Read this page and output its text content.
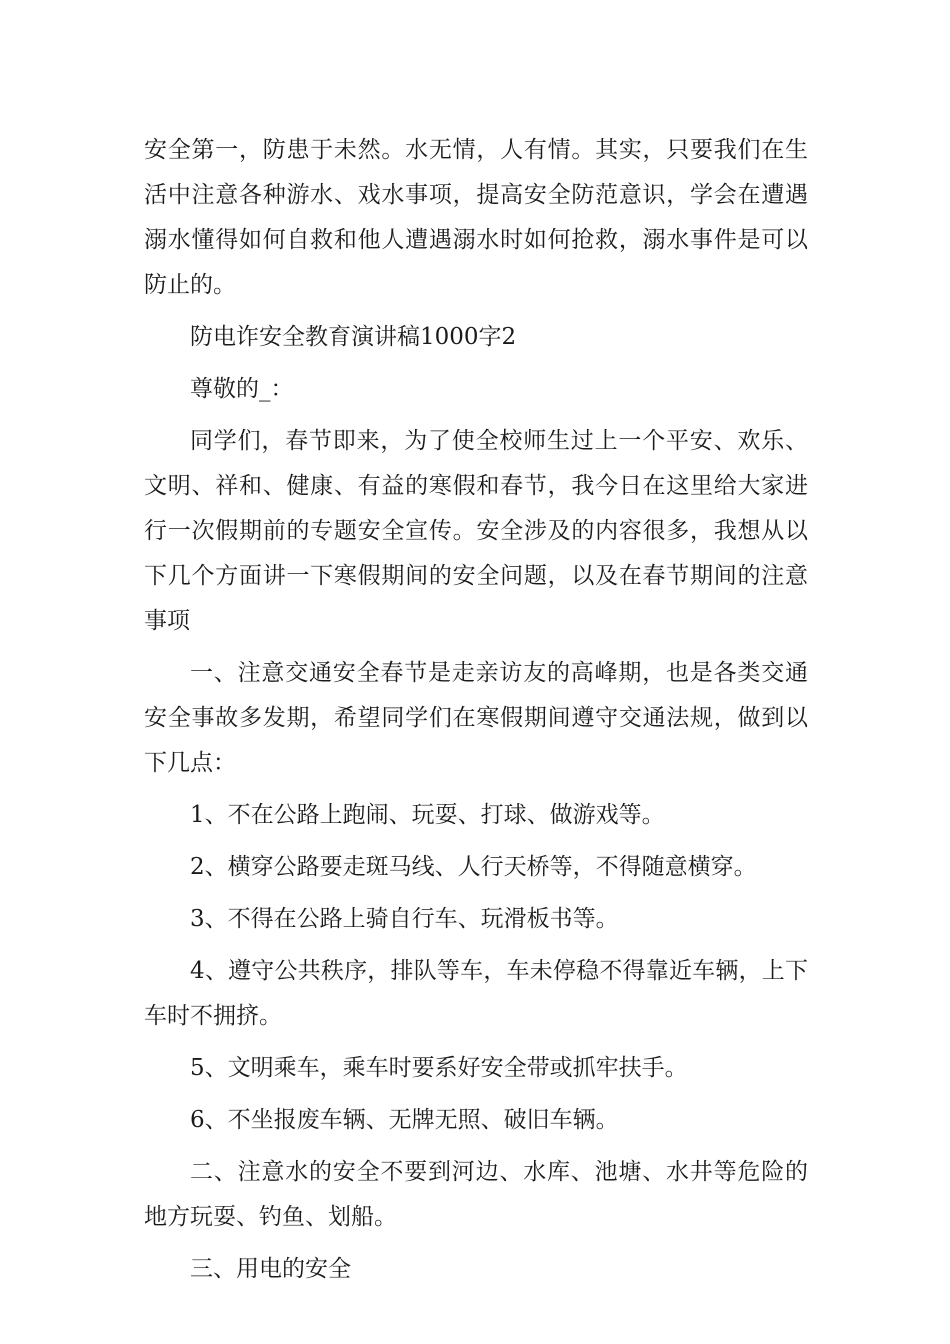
安全第一，防患于未然。水无情，人有情。其实，只要我们在生活中注意各种游水、戏水事项，提高安全防范意识，学会在遭遇溺水懂得如何自救和他人遭遇溺水时如何抢救，溺水事件是可以防止的。

防电诈安全教育演讲稿1000字2

尊敬的_：

同学们，春节即来，为了使全校师生过上一个平安、欢乐、文明、祥和、健康、有益的寒假和春节，我今日在这里给大家进行一次假期前的专题安全宣传。安全涉及的内容很多，我想从以下几个方面讲一下寒假期间的安全问题，以及在春节期间的注意事项

一、注意交通安全春节是走亲访友的高峰期，也是各类交通安全事故多发期，希望同学们在寒假期间遵守交通法规，做到以下几点：

1、不在公路上跑闹、玩耍、打球、做游戏等。

2、横穿公路要走斑马线、人行天桥等，不得随意横穿。

3、不得在公路上骑自行车、玩滑板书等。

4、遵守公共秩序，排队等车，车未停稳不得靠近车辆，上下车时不拥挤。

5、文明乘车，乘车时要系好安全带或抓牢扶手。

6、不坐报废车辆、无牌无照、破旧车辆。

二、注意水的安全不要到河边、水库、池塘、水井等危险的地方玩耍、钓鱼、划船。

三、用电的安全
